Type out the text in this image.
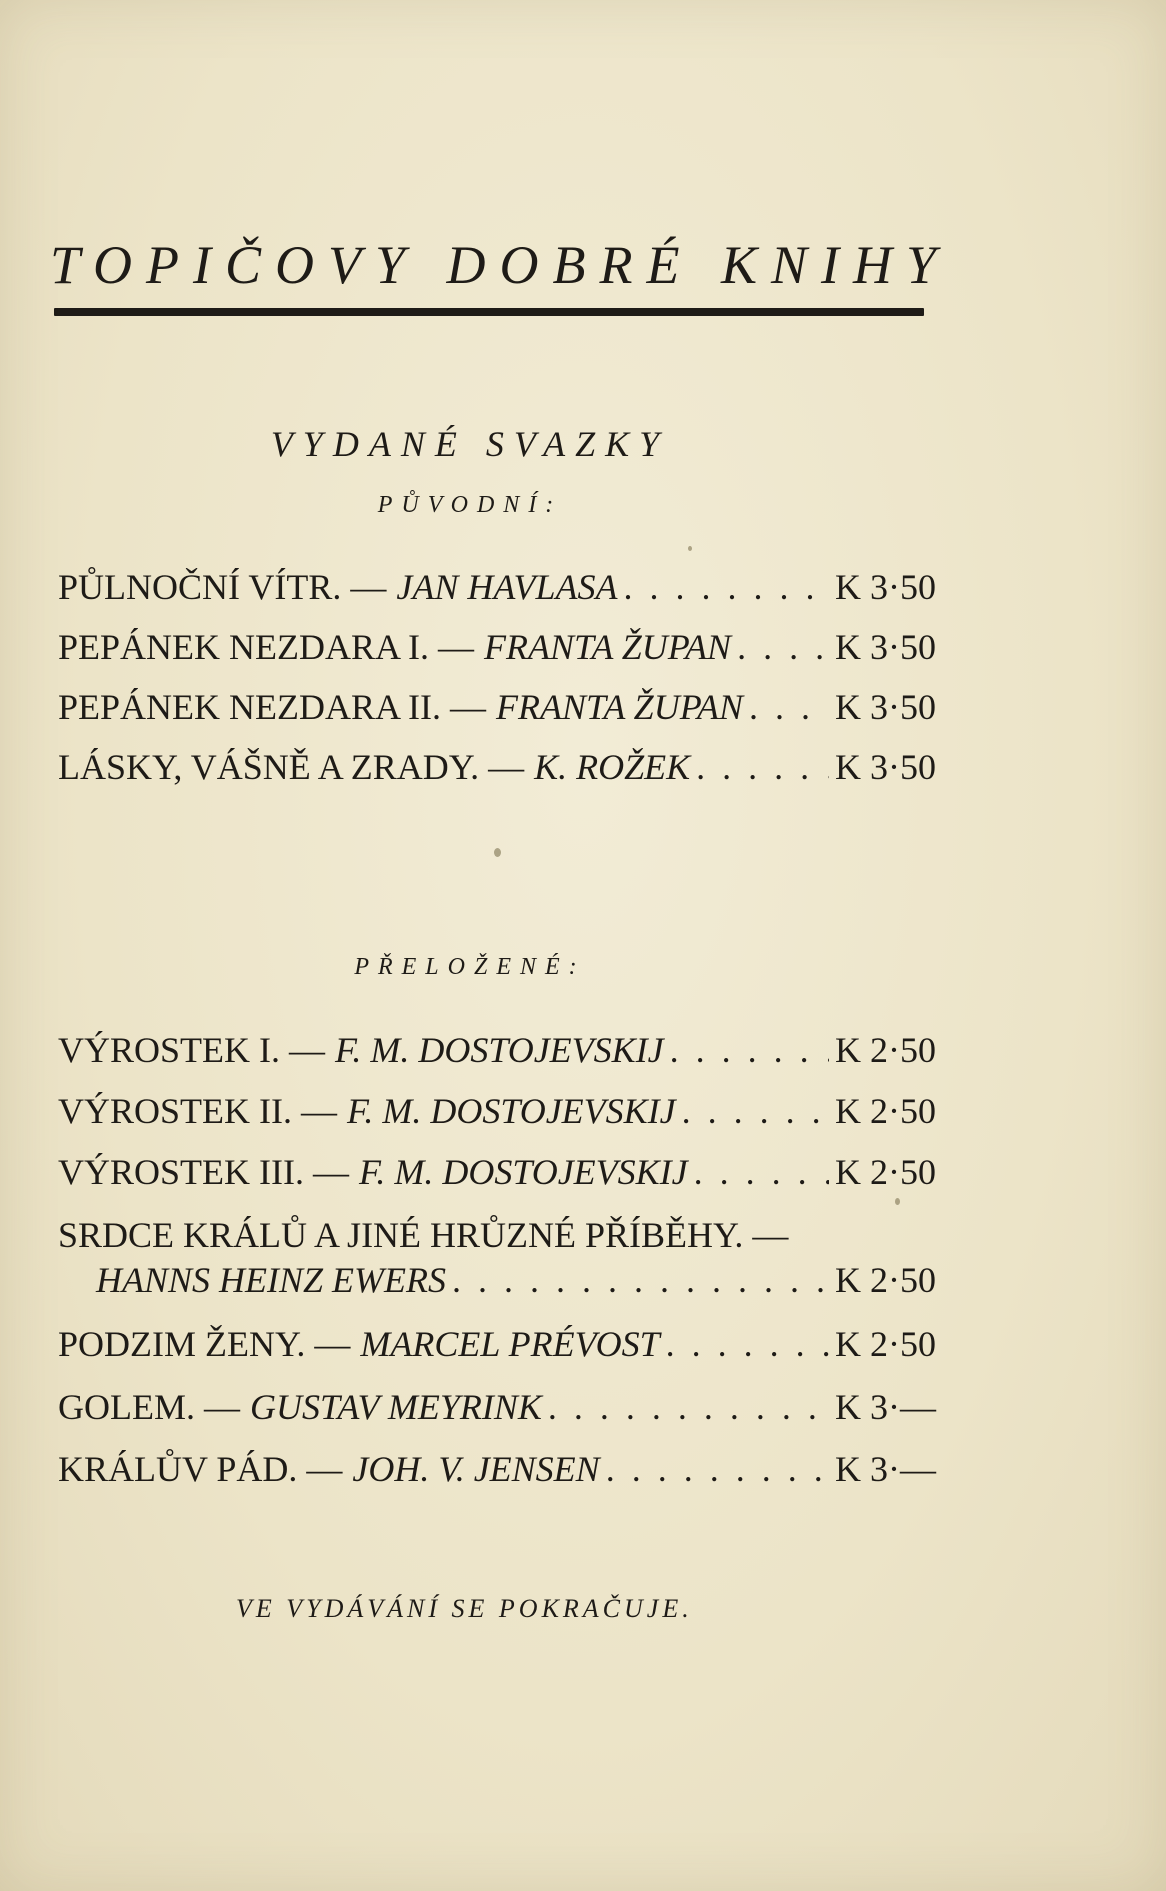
TOPIČOVY DOBRÉ KNIHY
VYDANÉ SVAZKY
PŮVODNÍ:
PŮLNOČNÍ VÍTR. — JAN HAVLASA . . .	K 3·50
PEPÁNEK NEZDARA I. — FRANTA ŽUPAN . . .	K 3·50
PEPÁNEK NEZDARA II. — FRANTA ŽUPAN . . .	K 3·50
LÁSKY, VÁŠNĚ A ZRADY. — K. ROŽEK . . .	K 3·50
PŘELOŽENÉ:
VÝROSTEK I. — F. M. DOSTOJEVSKIJ . . .	K 2·50
VÝROSTEK II. — F. M. DOSTOJEVSKIJ . . .	K 2·50
VÝROSTEK III. — F. M. DOSTOJEVSKIJ . . .	K 2·50
SRDCE KRÁLŮ A JINÉ HRŮZNÉ PŘÍBĚHY. —
HANNS HEINZ EWERS . . .	K 2·50
PODZIM ŽENY. — MARCEL PRÉVOST . . .	K 2·50
GOLEM. — GUSTAV MEYRINK . . .	K 3·—
KRÁLŮV PÁD. — JOH. V. JENSEN . . .	K 3·—
VE VYDÁVÁNÍ SE POKRAČUJE.
